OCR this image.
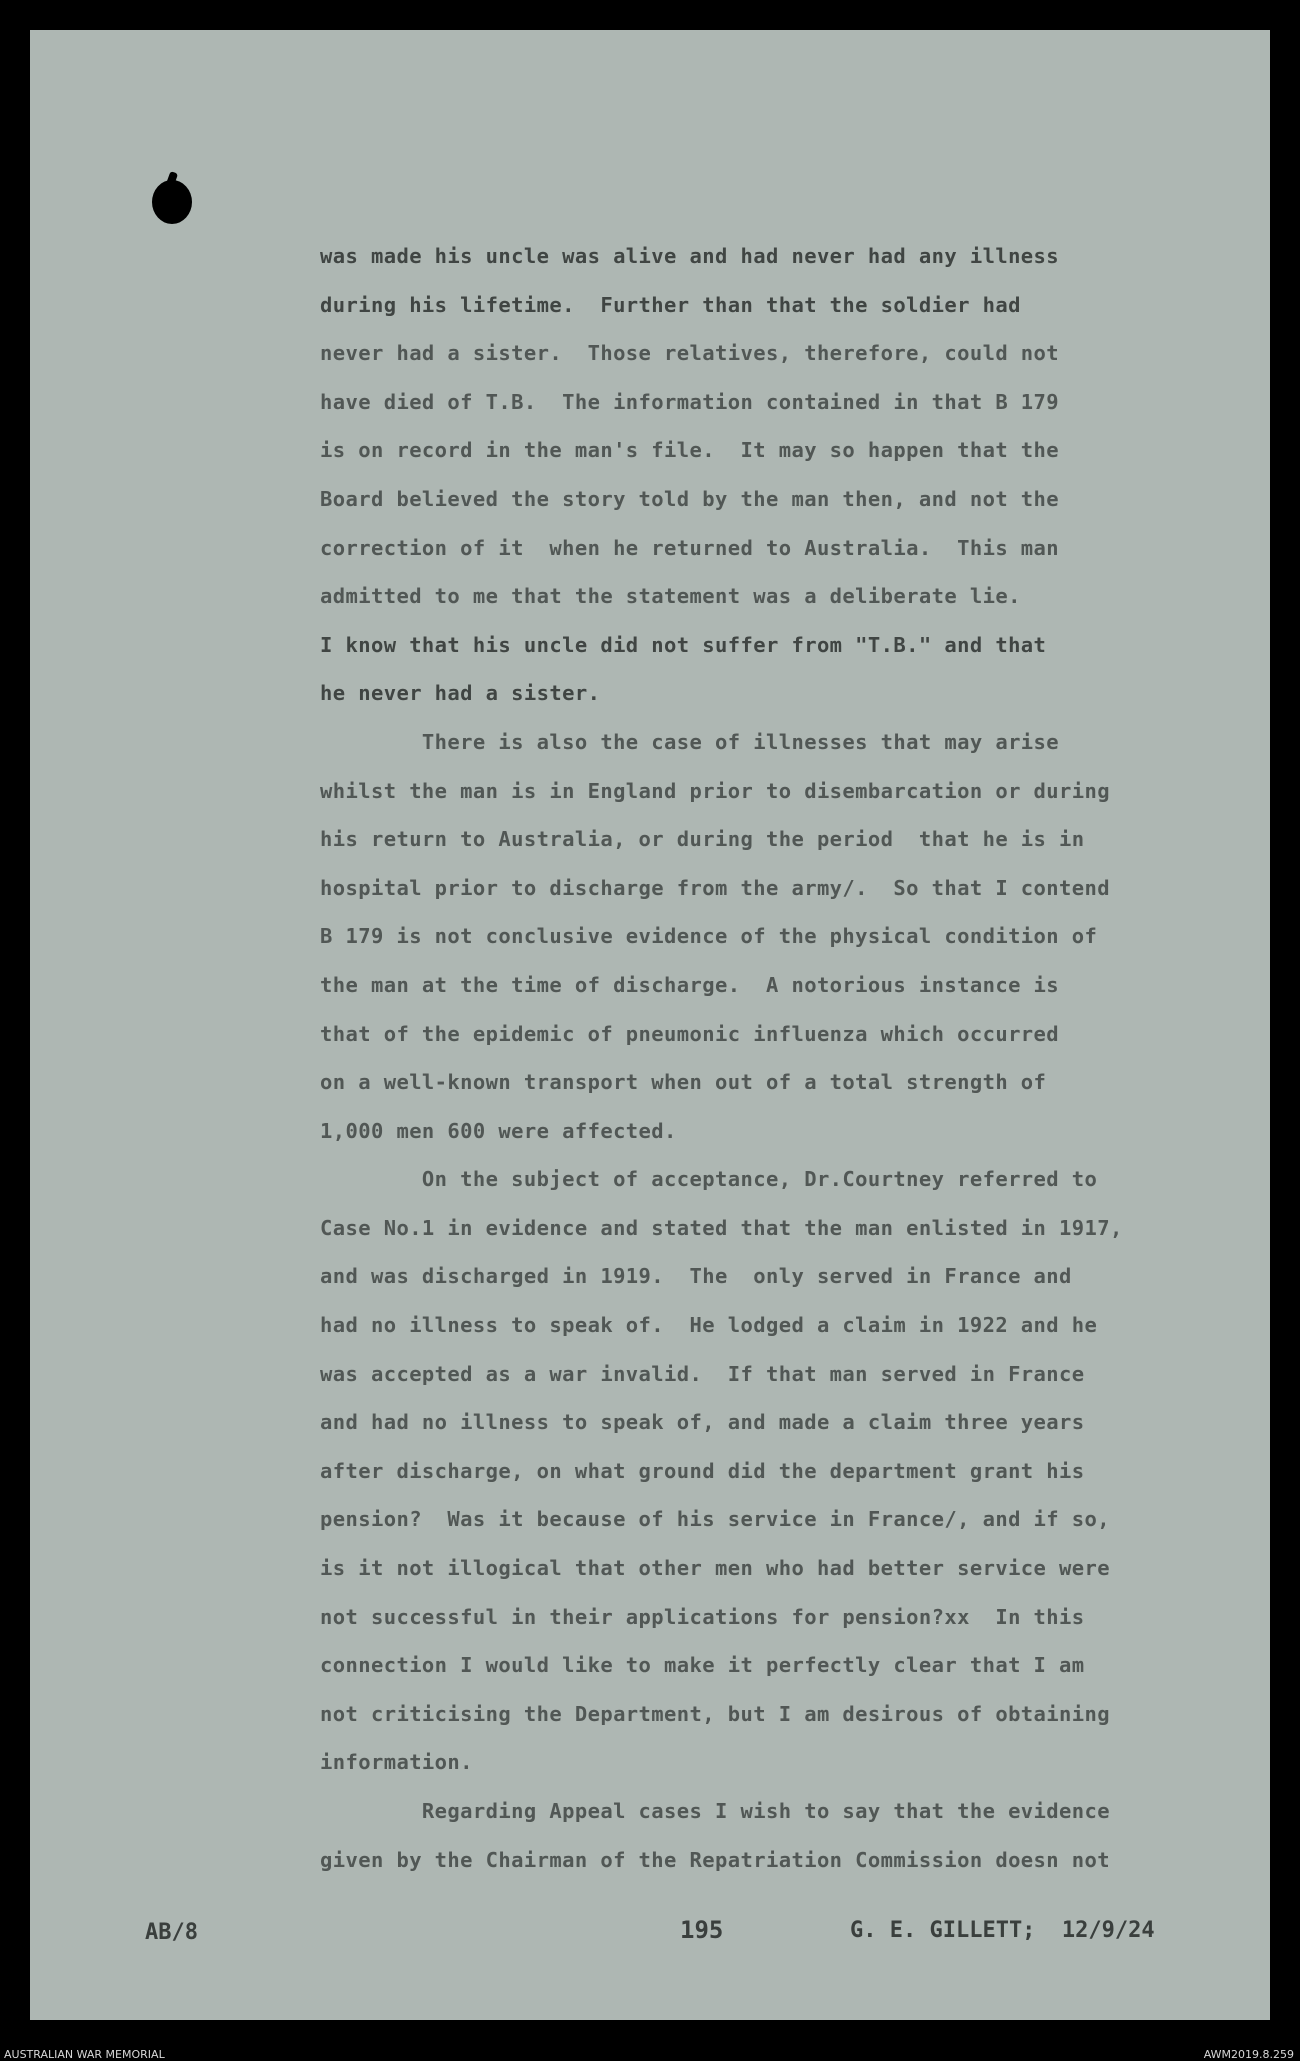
was made his uncle was alive and had never had any illness
during his lifetime.  Further than that the soldier had
never had a sister.  Those relatives, therefore, could not
have died of T.B.  The information contained in that B 179
is on record in the man's file.  It may so happen that the
Board believed the story told by the man then, and not the
correction of it  when he returned to Australia.  This man
admitted to me that the statement was a deliberate lie.
I know that his uncle did not suffer from "T.B." and that
he never had a sister.
There is also the case of illnesses that may arise
whilst the man is in England prior to disembarcation or during
his return to Australia, or during the period  that he is in
hospital prior to discharge from the army/.  So that I contend
B 179 is not conclusive evidence of the physical condition of
the man at the time of discharge.  A notorious instance is
that of the epidemic of pneumonic influenza which occurred
on a well-known transport when out of a total strength of
1,000 men 600 were affected.
On the subject of acceptance, Dr.Courtney referred to
Case No.1 in evidence and stated that the man enlisted in 1917,
and was discharged in 1919.  The  only served in France and
had no illness to speak of.  He lodged a claim in 1922 and he
was accepted as a war invalid.  If that man served in France
and had no illness to speak of, and made a claim three years
after discharge, on what ground did the department grant his
pension?  Was it because of his service in France/, and if so,
is it not illogical that other men who had better service were
not successful in their applications for pension?xx  In this
connection I would like to make it perfectly clear that I am
not criticising the Department, but I am desirous of obtaining
information.
Regarding Appeal cases I wish to say that the evidence
given by the Chairman of the Repatriation Commission doesn not
AB/8	195	G. E. GILLETT;  12/9/24
AUSTRALIAN WAR MEMORIAL	AWM2019.8.259
